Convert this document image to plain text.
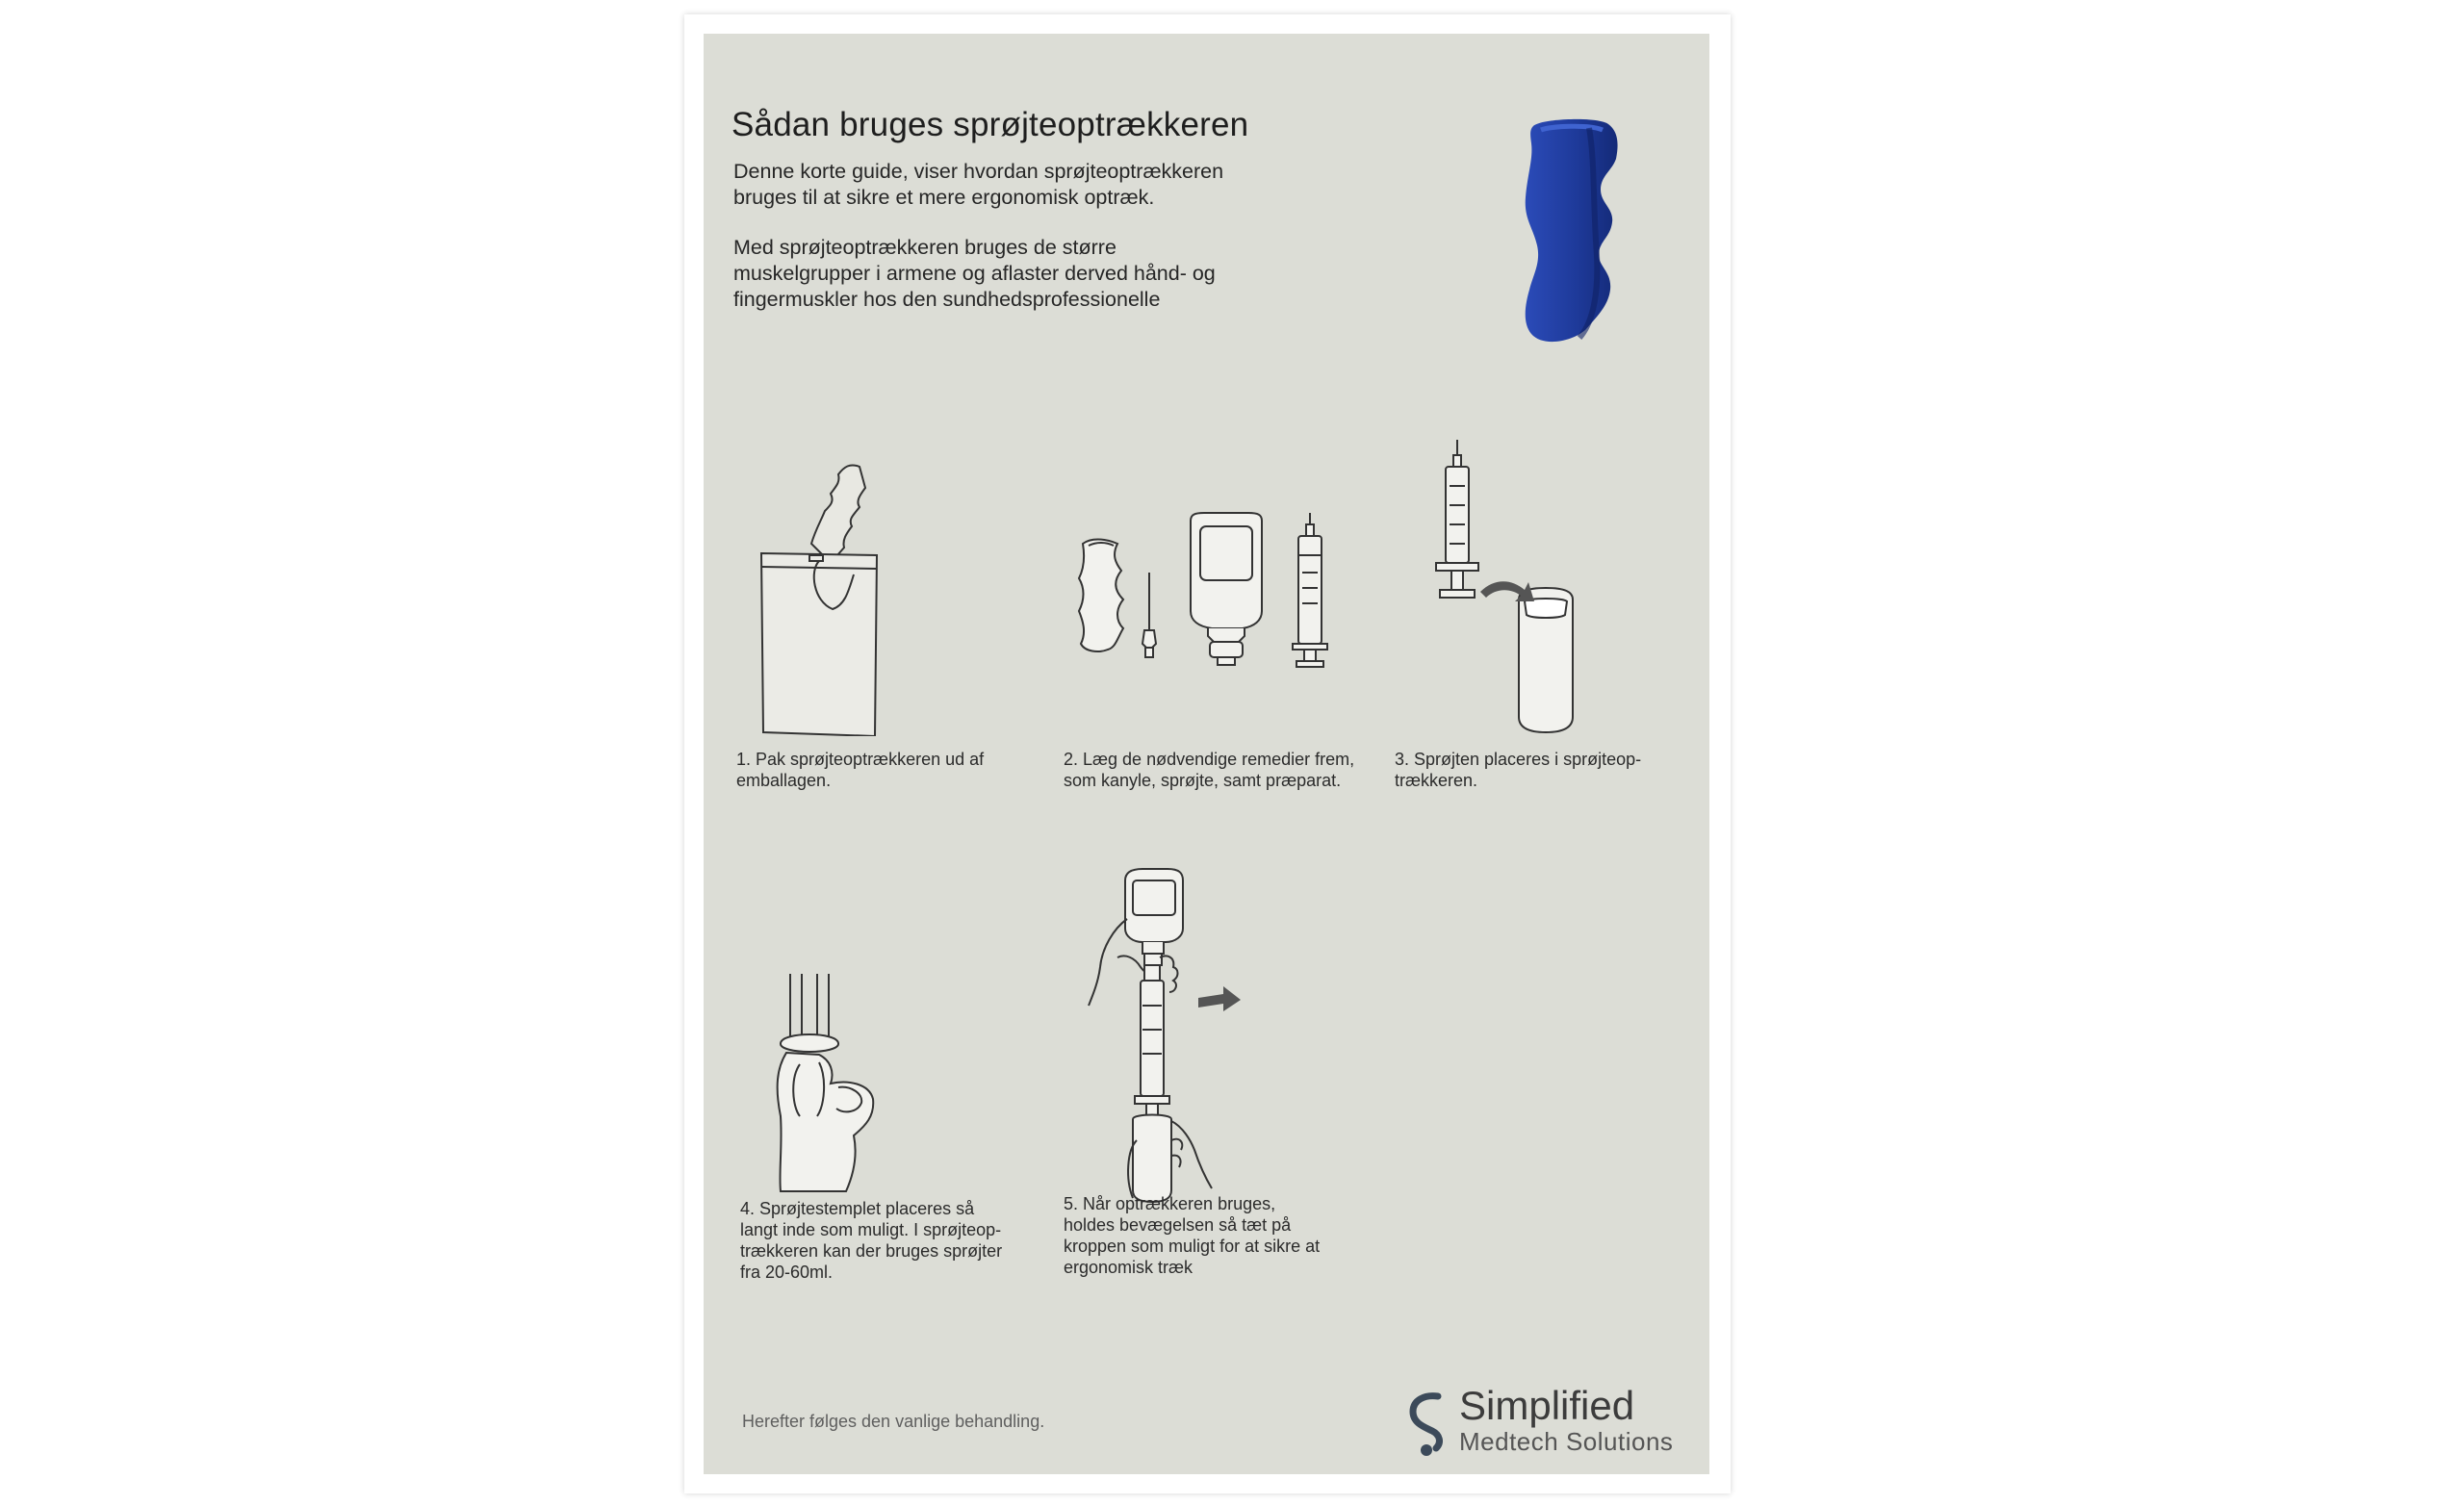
Sådan bruges sprøjteoptrækkeren

Denne korte guide, viser hvordan sprøjteoptrækkeren
bruges til at sikre et mere ergonomisk optræk.

Med sprøjteoptrækkeren bruges de større
muskelgrupper i armene og aflaster derved hånd- og
fingermuskler hos den sundhedsprofessionelle

1. Pak sprøjteoptrækkeren ud af
emballagen.
2. Læg de nødvendige remedier frem,
som kanyle, sprøjte, samt præparat.
3. Sprøjten placeres i sprøjteop-
trækkeren.
4. Sprøjtestemplet placeres så
langt inde som muligt. I sprøjteop-
trækkeren kan der bruges sprøjter
fra 20-60ml.
5. Når optrækkeren bruges,
holdes bevægelsen så tæt på
kroppen som muligt for at sikre at
ergonomisk træk
Herefter følges den vanlige behandling.	Simplified
Medtech Solutions
